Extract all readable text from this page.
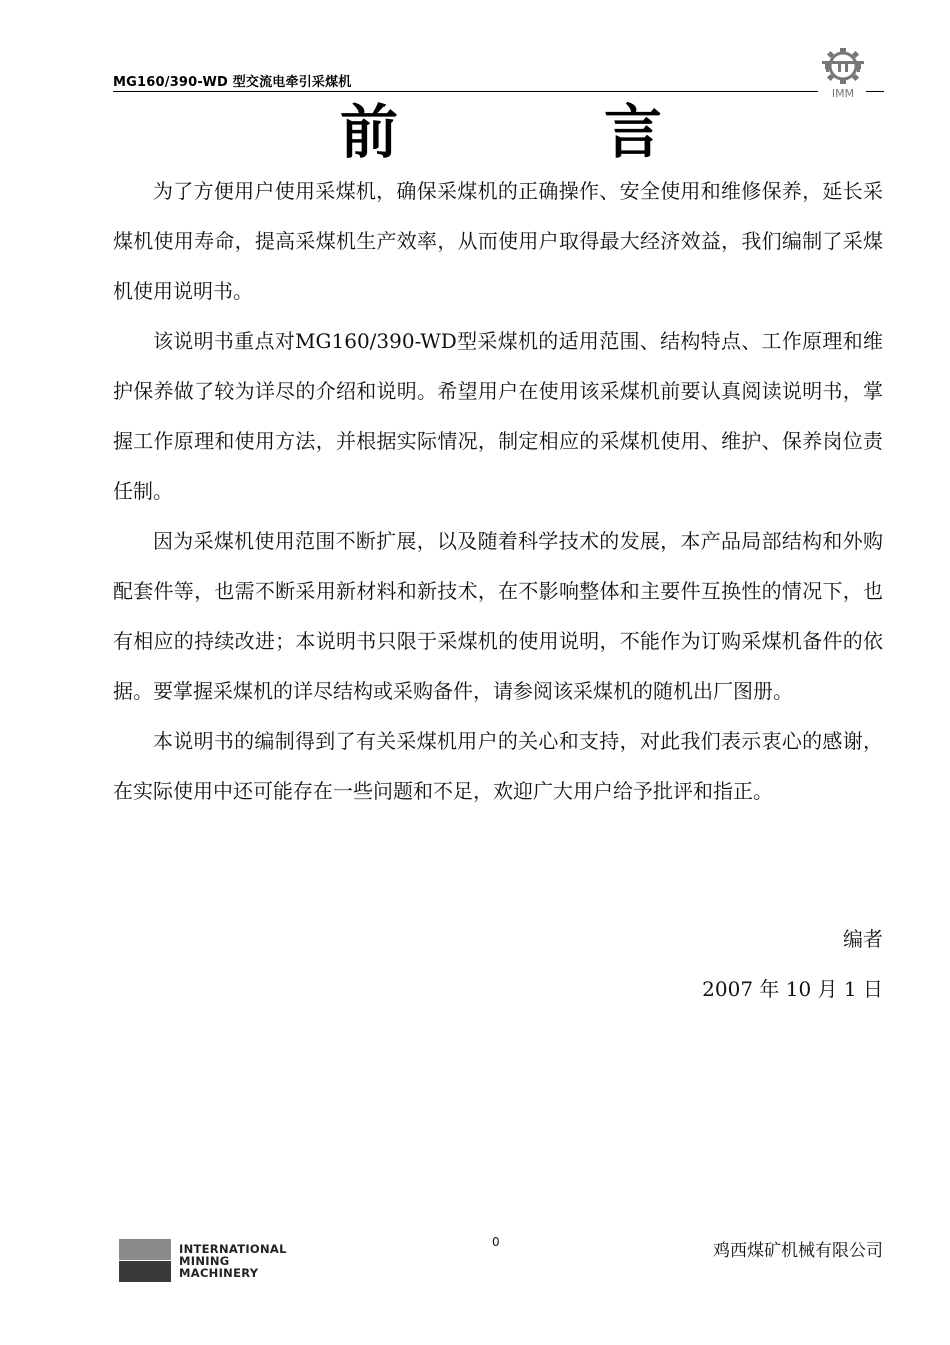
MG160/390-WD 型交流电牵引采煤机
IMM
前	言

为了方便用户使用采煤机，确保采煤机的正确操作、安全使用和维修保养，延长采煤机使用寿命，提高采煤机生产效率，从而使用户取得最大经济效益，我们编制了采煤机使用说明书。

该说明书重点对MG160/390-WD型采煤机的适用范围、结构特点、工作原理和维护保养做了较为详尽的介绍和说明。希望用户在使用该采煤机前要认真阅读说明书，掌握工作原理和使用方法，并根据实际情况，制定相应的采煤机使用、维护、保养岗位责任制。

因为采煤机使用范围不断扩展，以及随着科学技术的发展，本产品局部结构和外购配套件等，也需不断采用新材料和新技术，在不影响整体和主要件互换性的情况下，也有相应的持续改进；本说明书只限于采煤机的使用说明，不能作为订购采煤机备件的依据。要掌握采煤机的详尽结构或采购备件，请参阅该采煤机的随机出厂图册。

本说明书的编制得到了有关采煤机用户的关心和支持，对此我们表示衷心的感谢，在实际使用中还可能存在一些问题和不足，欢迎广大用户给予批评和指正。

编者
2007 年 10 月 1 日
INTERNATIONAL
MINING
MACHINERY
0	鸡西煤矿机械有限公司
